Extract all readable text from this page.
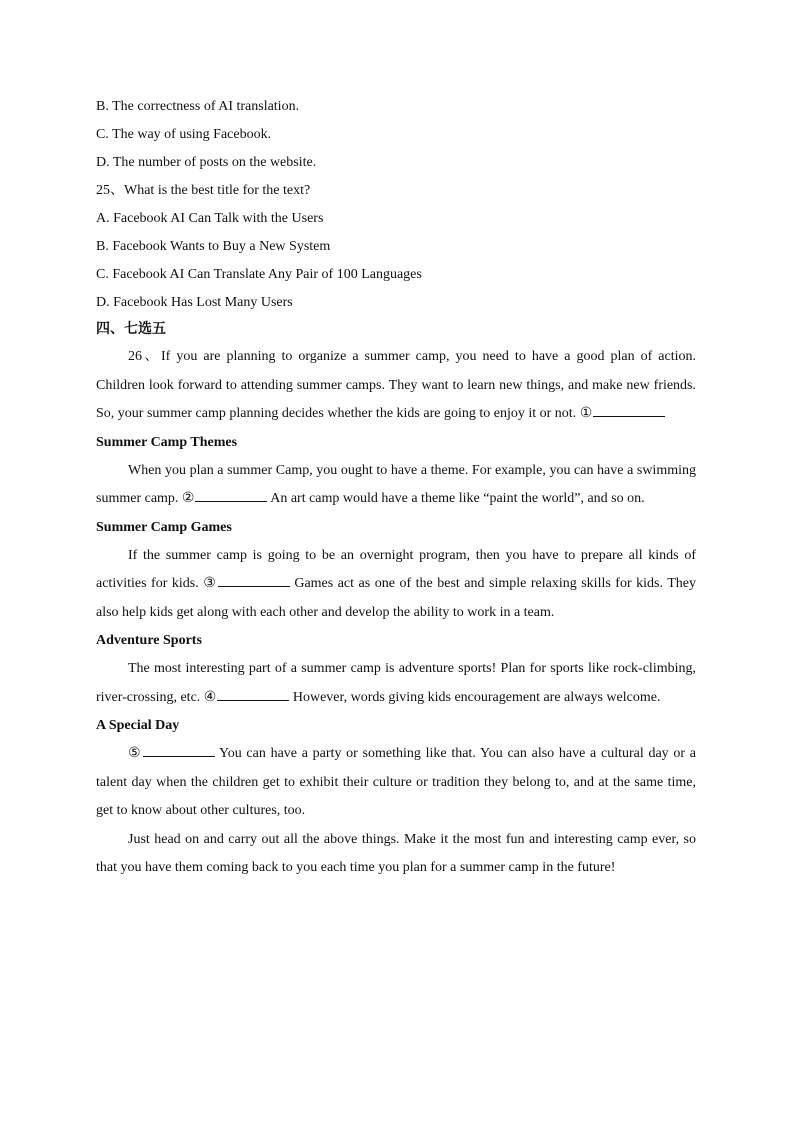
B. The correctness of AI translation.
C. The way of using Facebook.
D. The number of posts on the website.
25、What is the best title for the text?
A. Facebook AI Can Talk with the Users
B. Facebook Wants to Buy a New System
C. Facebook AI Can Translate Any Pair of 100 Languages
D. Facebook Has Lost Many Users
四、七选五

26、If you are planning to organize a summer camp, you need to have a good plan of action. Children look forward to attending summer camps. They want to learn new things, and make new friends. So, your summer camp planning decides whether the kids are going to enjoy it or not. ①

Summer Camp Themes

When you plan a summer Camp, you ought to have a theme. For example, you can have a swimming summer camp. ②	An art camp would have a theme like “paint the world”, and so on.

Summer Camp Games

If the summer camp is going to be an overnight program, then you have to prepare all kinds of activities for kids. ③	Games act as one of the best and simple relaxing skills for kids. They also help kids get along with each other and develop the ability to work in a team.

Adventure Sports

The most interesting part of a summer camp is adventure sports! Plan for sports like rock-climbing, river-crossing, etc. ④	However, words giving kids encouragement are always welcome.

A Special Day

⑤	You can have a party or something like that. You can also have a cultural day or a talent day when the children get to exhibit their culture or tradition they belong to, and at the same time, get to know about other cultures, too.

Just head on and carry out all the above things. Make it the most fun and interesting camp ever, so that you have them coming back to you each time you plan for a summer camp in the future!
